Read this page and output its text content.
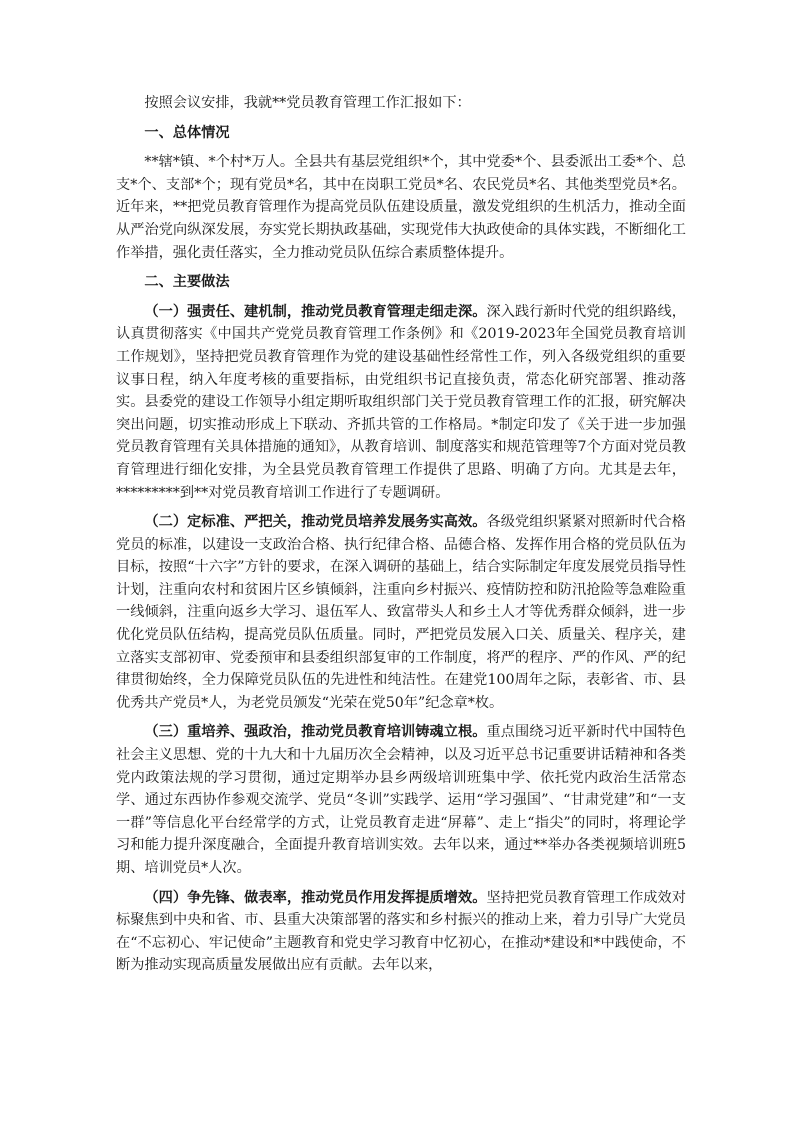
按照会议安排，我就**党员教育管理工作汇报如下：

一、总体情况

**辖*镇、*个村*万人。全县共有基层党组织*个，其中党委*个、县委派出工委*个、总支*个、支部*个；现有党员*名，其中在岗职工党员*名、农民党员*名、其他类型党员*名。近年来，**把党员教育管理作为提高党员队伍建设质量，激发党组织的生机活力，推动全面从严治党向纵深发展，夯实党长期执政基础，实现党伟大执政使命的具体实践，不断细化工作举措，强化责任落实，全力推动党员队伍综合素质整体提升。

二、主要做法

（一）强责任、建机制，推动党员教育管理走细走深。深入践行新时代党的组织路线，认真贯彻落实《中国共产党党员教育管理工作条例》和《2019-2023年全国党员教育培训工作规划》，坚持把党员教育管理作为党的建设基础性经常性工作，列入各级党组织的重要议事日程，纳入年度考核的重要指标，由党组织书记直接负责，常态化研究部署、推动落实。县委党的建设工作领导小组定期听取组织部门关于党员教育管理工作的汇报，研究解决突出问题，切实推动形成上下联动、齐抓共管的工作格局。*制定印发了《关于进一步加强党员教育管理有关具体措施的通知》，从教育培训、制度落实和规范管理等7个方面对党员教育管理进行细化安排，为全县党员教育管理工作提供了思路、明确了方向。尤其是去年，*********到**对党员教育培训工作进行了专题调研。

（二）定标准、严把关，推动党员培养发展务实高效。各级党组织紧紧对照新时代合格党员的标准，以建设一支政治合格、执行纪律合格、品德合格、发挥作用合格的党员队伍为目标，按照“十六字”方针的要求，在深入调研的基础上，结合实际制定年度发展党员指导性计划，注重向农村和贫困片区乡镇倾斜，注重向乡村振兴、疫情防控和防汛抢险等急难险重一线倾斜，注重向返乡大学习、退伍军人、致富带头人和乡土人才等优秀群众倾斜，进一步优化党员队伍结构，提高党员队伍质量。同时，严把党员发展入口关、质量关、程序关，建立落实支部初审、党委预审和县委组织部复审的工作制度，将严的程序、严的作风、严的纪律贯彻始终，全力保障党员队伍的先进性和纯洁性。在建党100周年之际，表彰省、市、县优秀共产党员*人，为老党员颁发“光荣在党50年”纪念章*枚。

（三）重培养、强政治，推动党员教育培训铸魂立根。重点围绕习近平新时代中国特色社会主义思想、党的十九大和十九届历次全会精神，以及习近平总书记重要讲话精神和各类党内政策法规的学习贯彻，通过定期举办县乡两级培训班集中学、依托党内政治生活常态学、通过东西协作参观交流学、党员“冬训”实践学、运用“学习强国”、“甘肃党建”和“一支一群”等信息化平台经常学的方式，让党员教育走进“屏幕”、走上“指尖”的同时，将理论学习和能力提升深度融合，全面提升教育培训实效。去年以来，通过**举办各类视频培训班5期、培训党员*人次。

（四）争先锋、做表率，推动党员作用发挥提质增效。坚持把党员教育管理工作成效对标聚焦到中央和省、市、县重大决策部署的落实和乡村振兴的推动上来，着力引导广大党员在“不忘初心、牢记使命”主题教育和党史学习教育中忆初心，在推动*建设和*中践使命，不断为推动实现高质量发展做出应有贡献。去年以来，
